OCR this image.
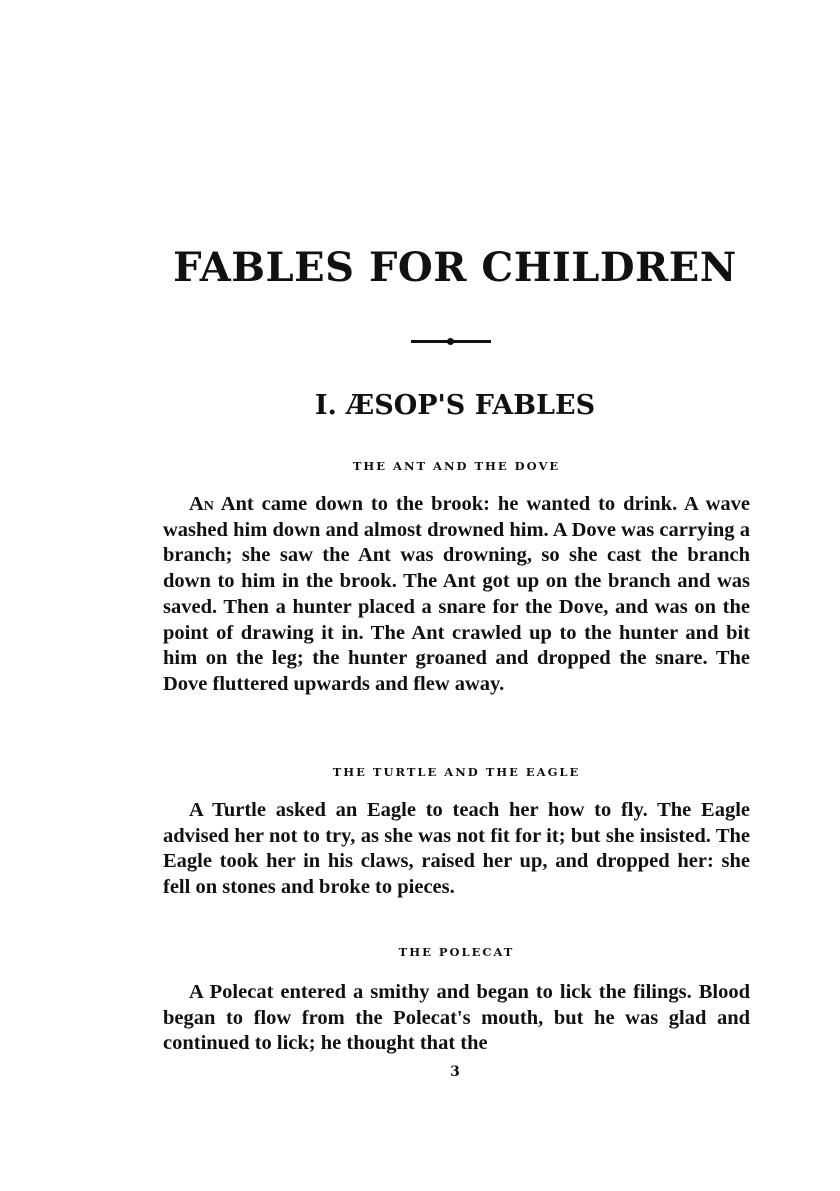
FABLES FOR CHILDREN
I. ÆSOP'S FABLES
THE ANT AND THE DOVE

An Ant came down to the brook: he wanted to drink. A wave washed him down and almost drowned him. A Dove was carrying a branch; she saw the Ant was drowning, so she cast the branch down to him in the brook. The Ant got up on the branch and was saved. Then a hunter placed a snare for the Dove, and was on the point of drawing it in. The Ant crawled up to the hunter and bit him on the leg; the hunter groaned and dropped the snare. The Dove fluttered upwards and flew away.

THE TURTLE AND THE EAGLE

A Turtle asked an Eagle to teach her how to fly. The Eagle advised her not to try, as she was not fit for it; but she insisted. The Eagle took her in his claws, raised her up, and dropped her: she fell on stones and broke to pieces.

THE POLECAT

A Polecat entered a smithy and began to lick the filings. Blood began to flow from the Polecat's mouth, but he was glad and continued to lick; he thought that the

3
